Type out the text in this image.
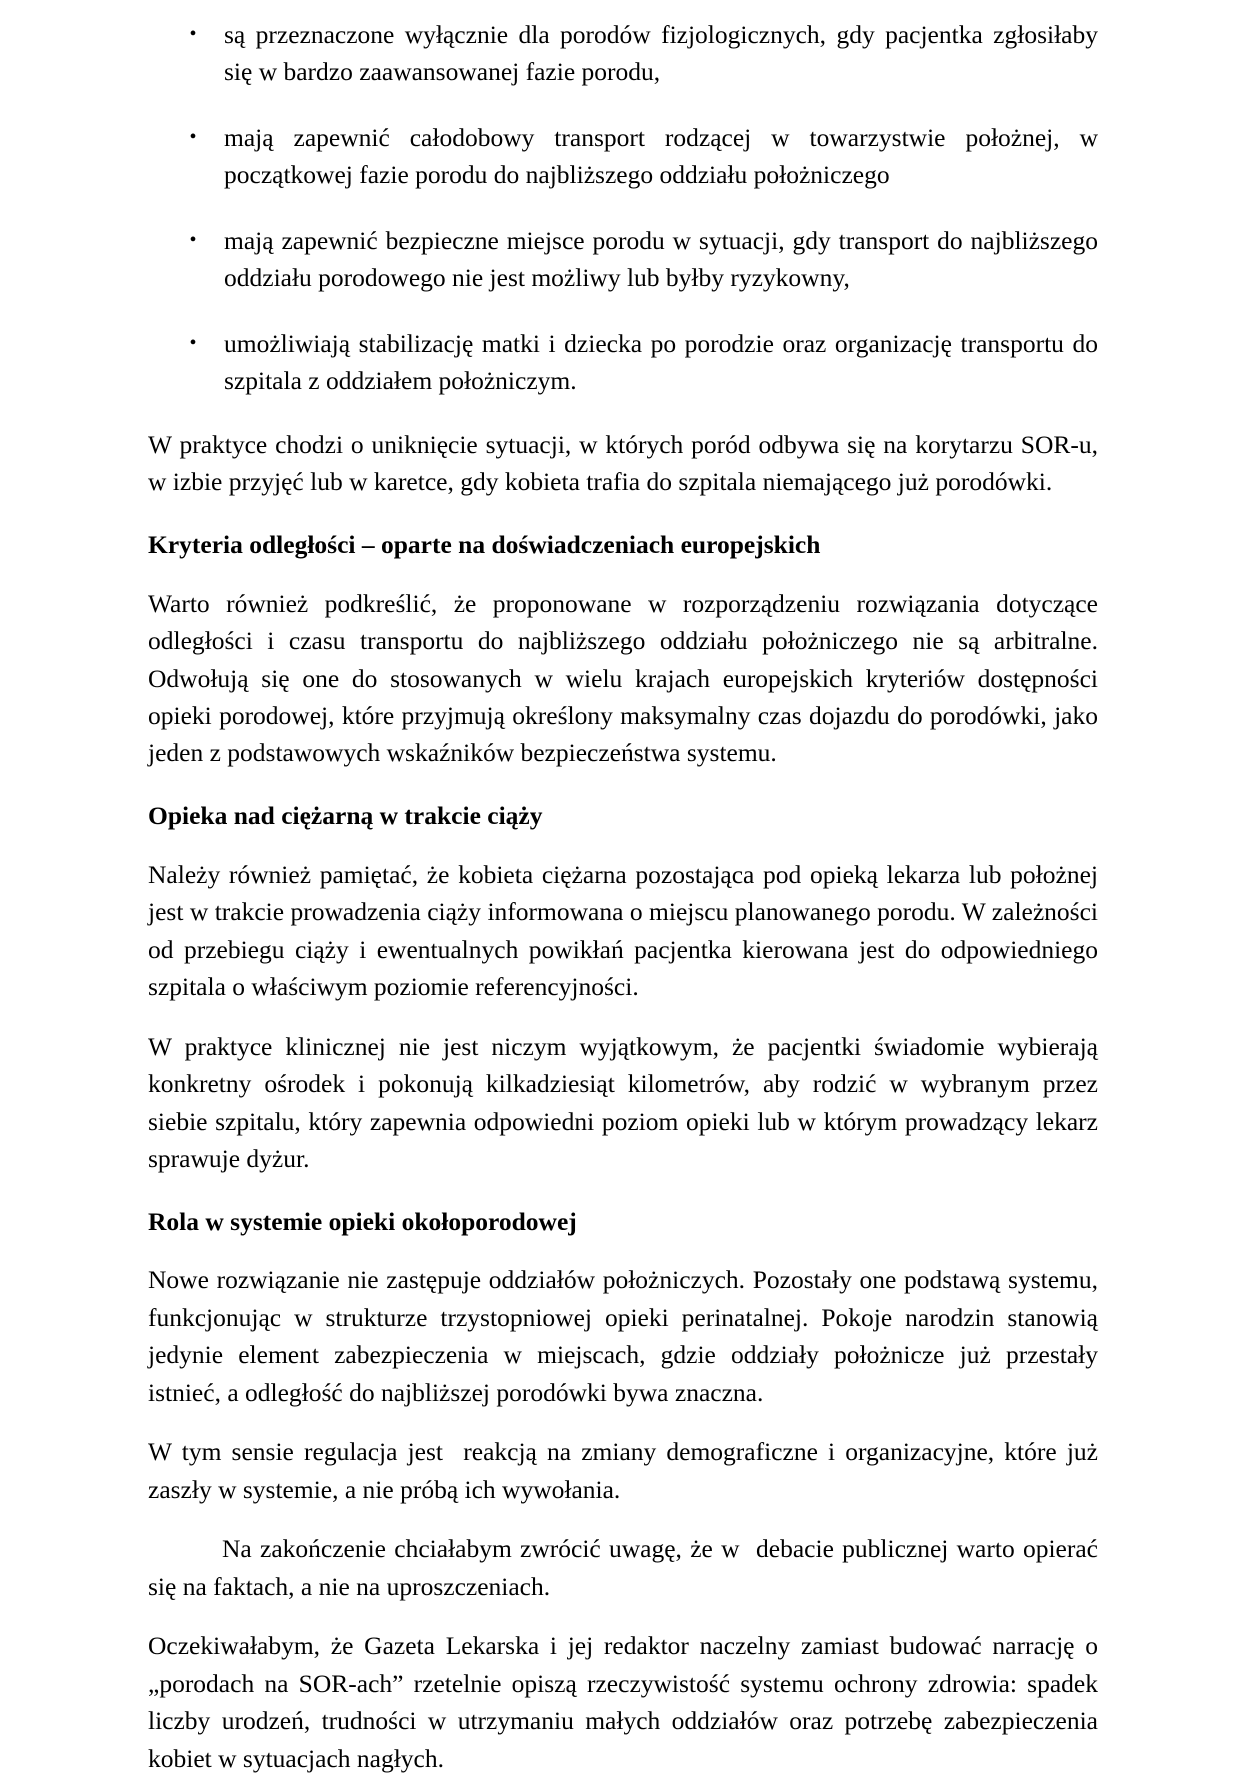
• są przeznaczone wyłącznie dla porodów fizjologicznych, gdy pacjentka zgłosiłaby się w bardzo zaawansowanej fazie porodu,
• mają zapewnić całodobowy transport rodzącej w towarzystwie położnej, w początkowej fazie porodu do najbliższego oddziału położniczego
• mają zapewnić bezpieczne miejsce porodu w sytuacji, gdy transport do najbliższego oddziału porodowego nie jest możliwy lub byłby ryzykowny,
• umożliwiają stabilizację matki i dziecka po porodzie oraz organizację transportu do szpitala z oddziałem położniczym.

W praktyce chodzi o uniknięcie sytuacji, w których poród odbywa się na korytarzu SOR-u, w izbie przyjęć lub w karetce, gdy kobieta trafia do szpitala niemającego już porodówki.

Kryteria odległości – oparte na doświadczeniach europejskich

Warto również podkreślić, że proponowane w rozporządzeniu rozwiązania dotyczące odległości i czasu transportu do najbliższego oddziału położniczego nie są arbitralne. Odwołują się one do stosowanych w wielu krajach europejskich kryteriów dostępności opieki porodowej, które przyjmują określony maksymalny czas dojazdu do porodówki, jako jeden z podstawowych wskaźników bezpieczeństwa systemu.

Opieka nad ciężarną w trakcie ciąży

Należy również pamiętać, że kobieta ciężarna pozostająca pod opieką lekarza lub położnej jest w trakcie prowadzenia ciąży informowana o miejscu planowanego porodu. W zależności od przebiegu ciąży i ewentualnych powikłań pacjentka kierowana jest do odpowiedniego szpitala o właściwym poziomie referencyjności.

W praktyce klinicznej nie jest niczym wyjątkowym, że pacjentki świadomie wybierają konkretny ośrodek i pokonują kilkadziesiąt kilometrów, aby rodzić w wybranym przez siebie szpitalu, który zapewnia odpowiedni poziom opieki lub w którym prowadzący lekarz sprawuje dyżur.

Rola w systemie opieki okołoporodowej

Nowe rozwiązanie nie zastępuje oddziałów położniczych. Pozostały one podstawą systemu, funkcjonując w strukturze trzystopniowej opieki perinatalnej. Pokoje narodzin stanowią jedynie element zabezpieczenia w miejscach, gdzie oddziały położnicze już przestały istnieć, a odległość do najbliższej porodówki bywa znaczna.

W tym sensie regulacja jest  reakcją na zmiany demograficzne i organizacyjne, które już zaszły w systemie, a nie próbą ich wywołania.

Na zakończenie chciałabym zwrócić uwagę, że w  debacie publicznej warto opierać się na faktach, a nie na uproszczeniach.

Oczekiwałabym, że Gazeta Lekarska i jej redaktor naczelny zamiast budować narrację o „porodach na SOR-ach” rzetelnie opiszą rzeczywistość systemu ochrony zdrowia: spadek liczby urodzeń, trudności w utrzymaniu małych oddziałów oraz potrzebę zabezpieczenia kobiet w sytuacjach nagłych.
